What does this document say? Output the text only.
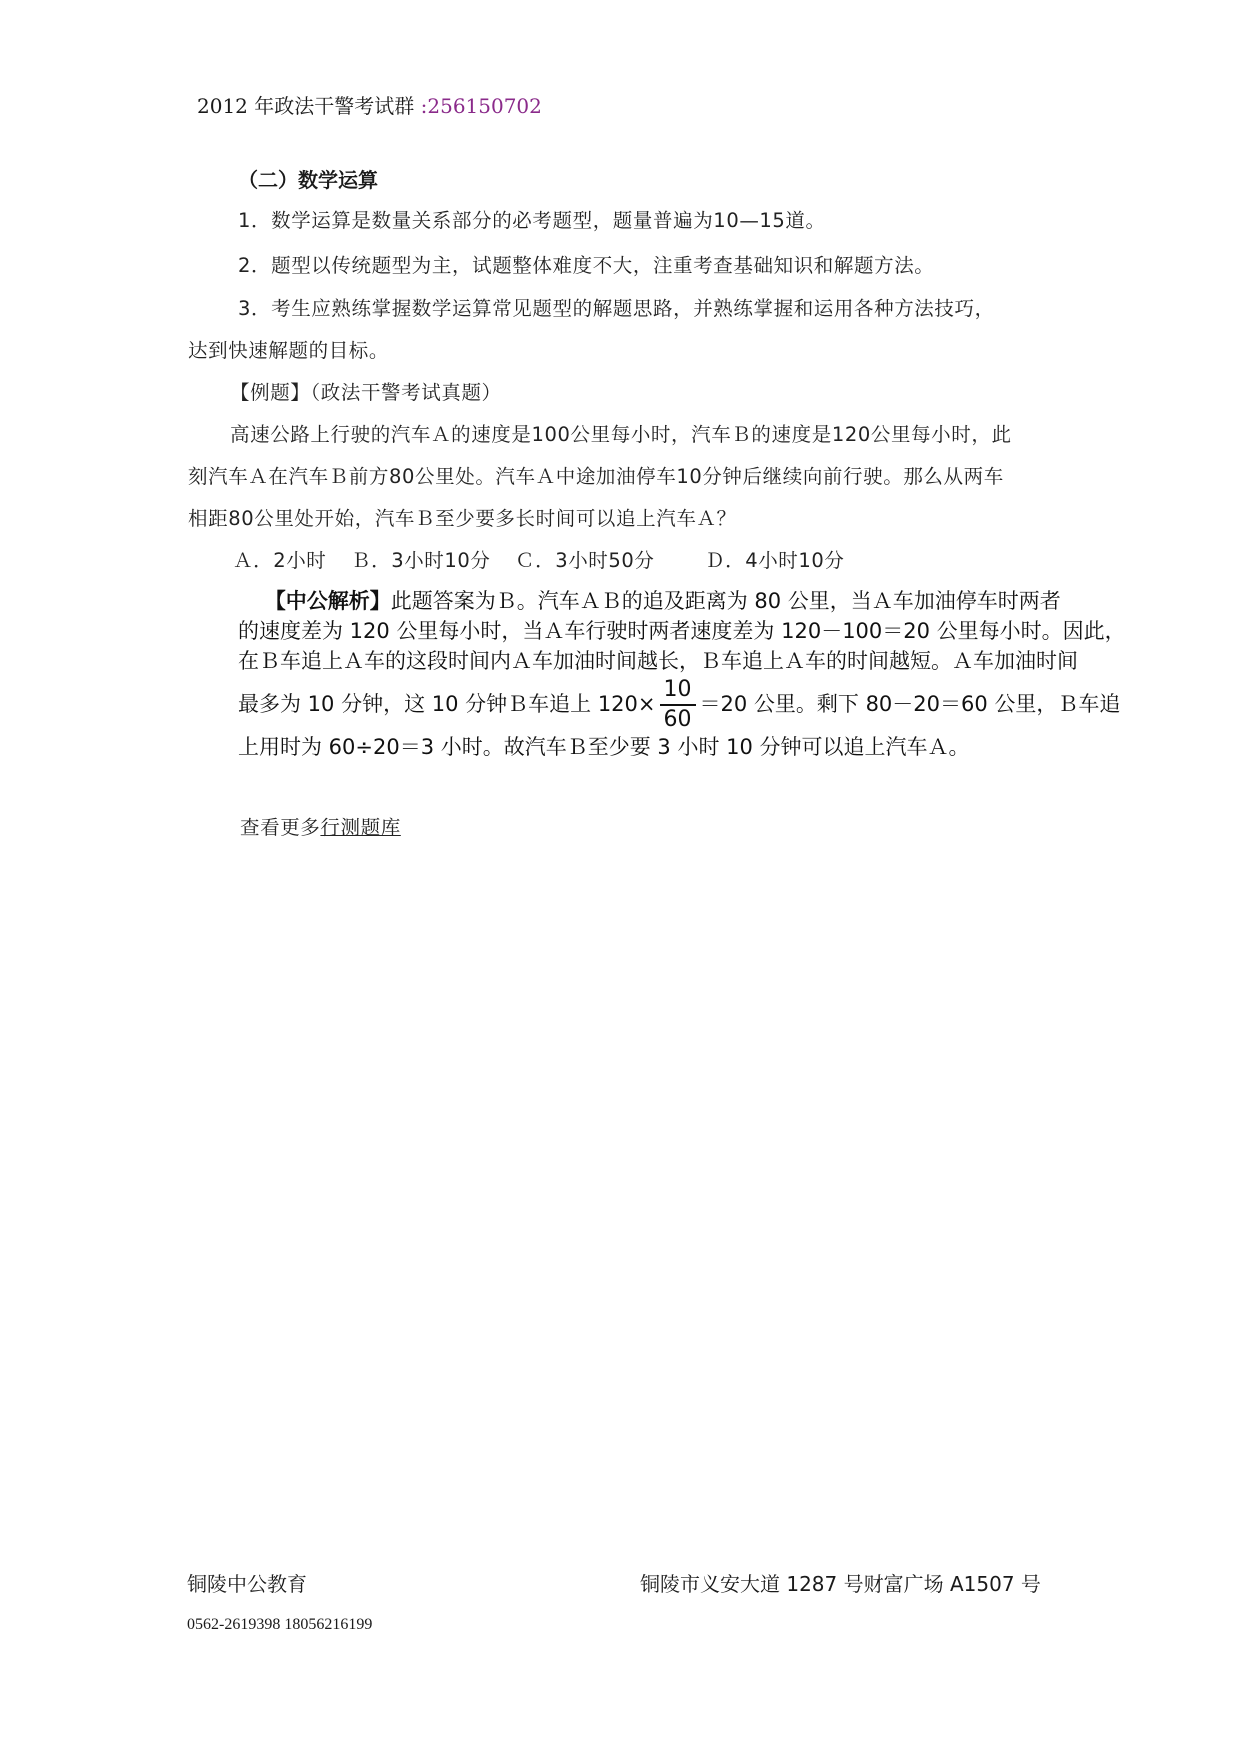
2012 年政法干警考试群 :256150702
（二）数学运算
1．数学运算是数量关系部分的必考题型，题量普遍为10—15道。
2．题型以传统题型为主，试题整体难度不大，注重考查基础知识和解题方法。
3．考生应熟练掌握数学运算常见题型的解题思路，并熟练掌握和运用各种方法技巧，
达到快速解题的目标。
【例题】（政法干警考试真题）
高速公路上行驶的汽车Ａ的速度是100公里每小时，汽车Ｂ的速度是120公里每小时，此
刻汽车Ａ在汽车Ｂ前方80公里处。汽车Ａ中途加油停车10分钟后继续向前行驶。那么从两车
相距80公里处开始，汽车Ｂ至少要多长时间可以追上汽车Ａ？
Ａ．2小时	Ｂ．3小时10分	Ｃ．3小时50分	Ｄ．4小时10分
【中公解析】此题答案为Ｂ。汽车ＡＢ的追及距离为 80 公里，当Ａ车加油停车时两者
的速度差为 120 公里每小时，当Ａ车行驶时两者速度差为 120－100＝20 公里每小时。因此，
在Ｂ车追上Ａ车的这段时间内Ａ车加油时间越长，Ｂ车追上Ａ车的时间越短。Ａ车加油时间
最多为 10 分钟，这 10 分钟Ｂ车追上 $120\times \frac{10}{60} =20$ 公里。剩下 80－20＝60 公里，Ｂ车追
上用时为 60÷20＝3 小时。故汽车Ｂ至少要 3 小时 10 分钟可以追上汽车Ａ。
查看更多行测题库
铜陵中公教育	铜陵市义安大道 1287 号财富广场 A1507 号
0562-2619398 18056216199
